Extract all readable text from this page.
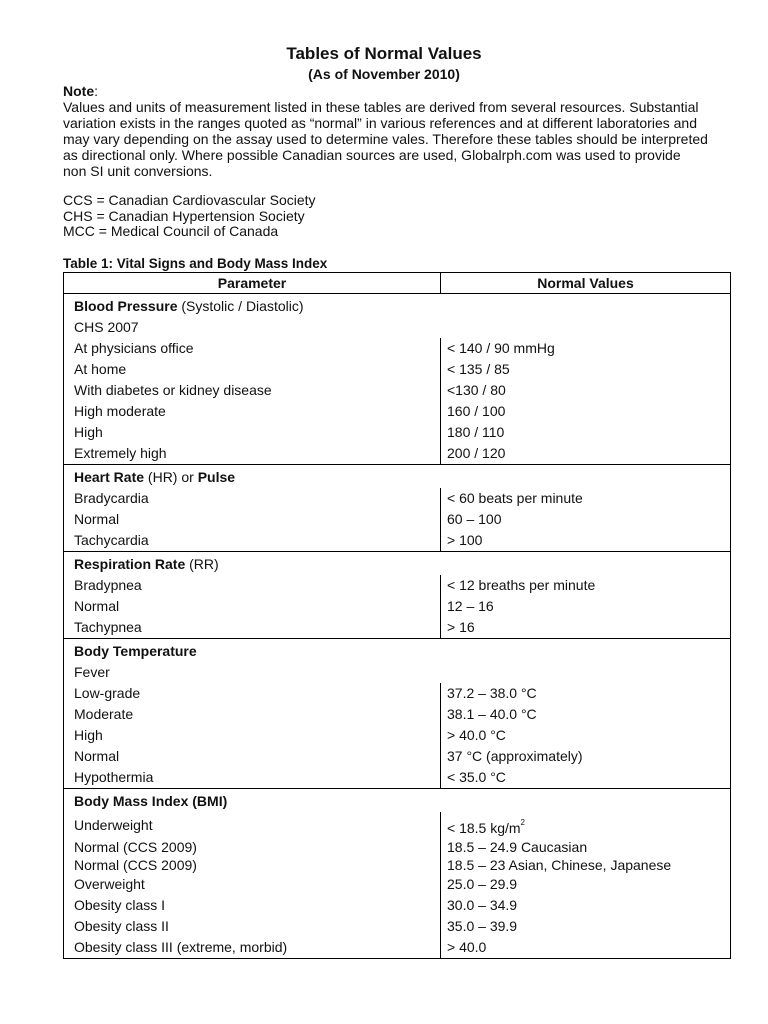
Tables of Normal Values
(As of November 2010)
Note:

Values and units of measurement listed in these tables are derived from several resources. Substantial

variation exists in the ranges quoted as “normal” in various references and at different laboratories and

may vary depending on the assay used to determine vales. Therefore these tables should be interpreted

as directional only. Where possible Canadian sources are used, Globalrph.com was used to provide

non SI unit conversions.

CCS = Canadian Cardiovascular Society
CHS = Canadian Hypertension Society
MCC = Medical Council of Canada
Table 1: Vital Signs and Body Mass Index
Parameter	Normal Values
Blood Pressure (Systolic / Diastolic)	
CHS 2007	
At physicians office	< 140 / 90 mmHg
At home	< 135 / 85
With diabetes or kidney disease	<130 / 80
High moderate	160 / 100
High	180 / 110
Extremely high	200 / 120
Heart Rate (HR) or Pulse	
Bradycardia	< 60 beats per minute
Normal	60 – 100
Tachycardia	> 100
Respiration Rate (RR)	
Bradypnea	< 12 breaths per minute
Normal	12 – 16
Tachypnea	> 16
Body Temperature	
Fever	
Low-grade	37.2 – 38.0 °C
Moderate	38.1 – 40.0 °C
High	> 40.0 °C
Normal	37 °C (approximately)
Hypothermia	< 35.0 °C
Body Mass Index (BMI)	
Underweight	< 18.5 $kg/m^2$
Normal (CCS 2009)	18.5 – 24.9 Caucasian
Normal (CCS 2009)	18.5 – 23 Asian, Chinese, Japanese
Overweight	25.0 – 29.9
Obesity class I	30.0 – 34.9
Obesity class II	35.0 – 39.9
Obesity class III (extreme, morbid)	> 40.0
